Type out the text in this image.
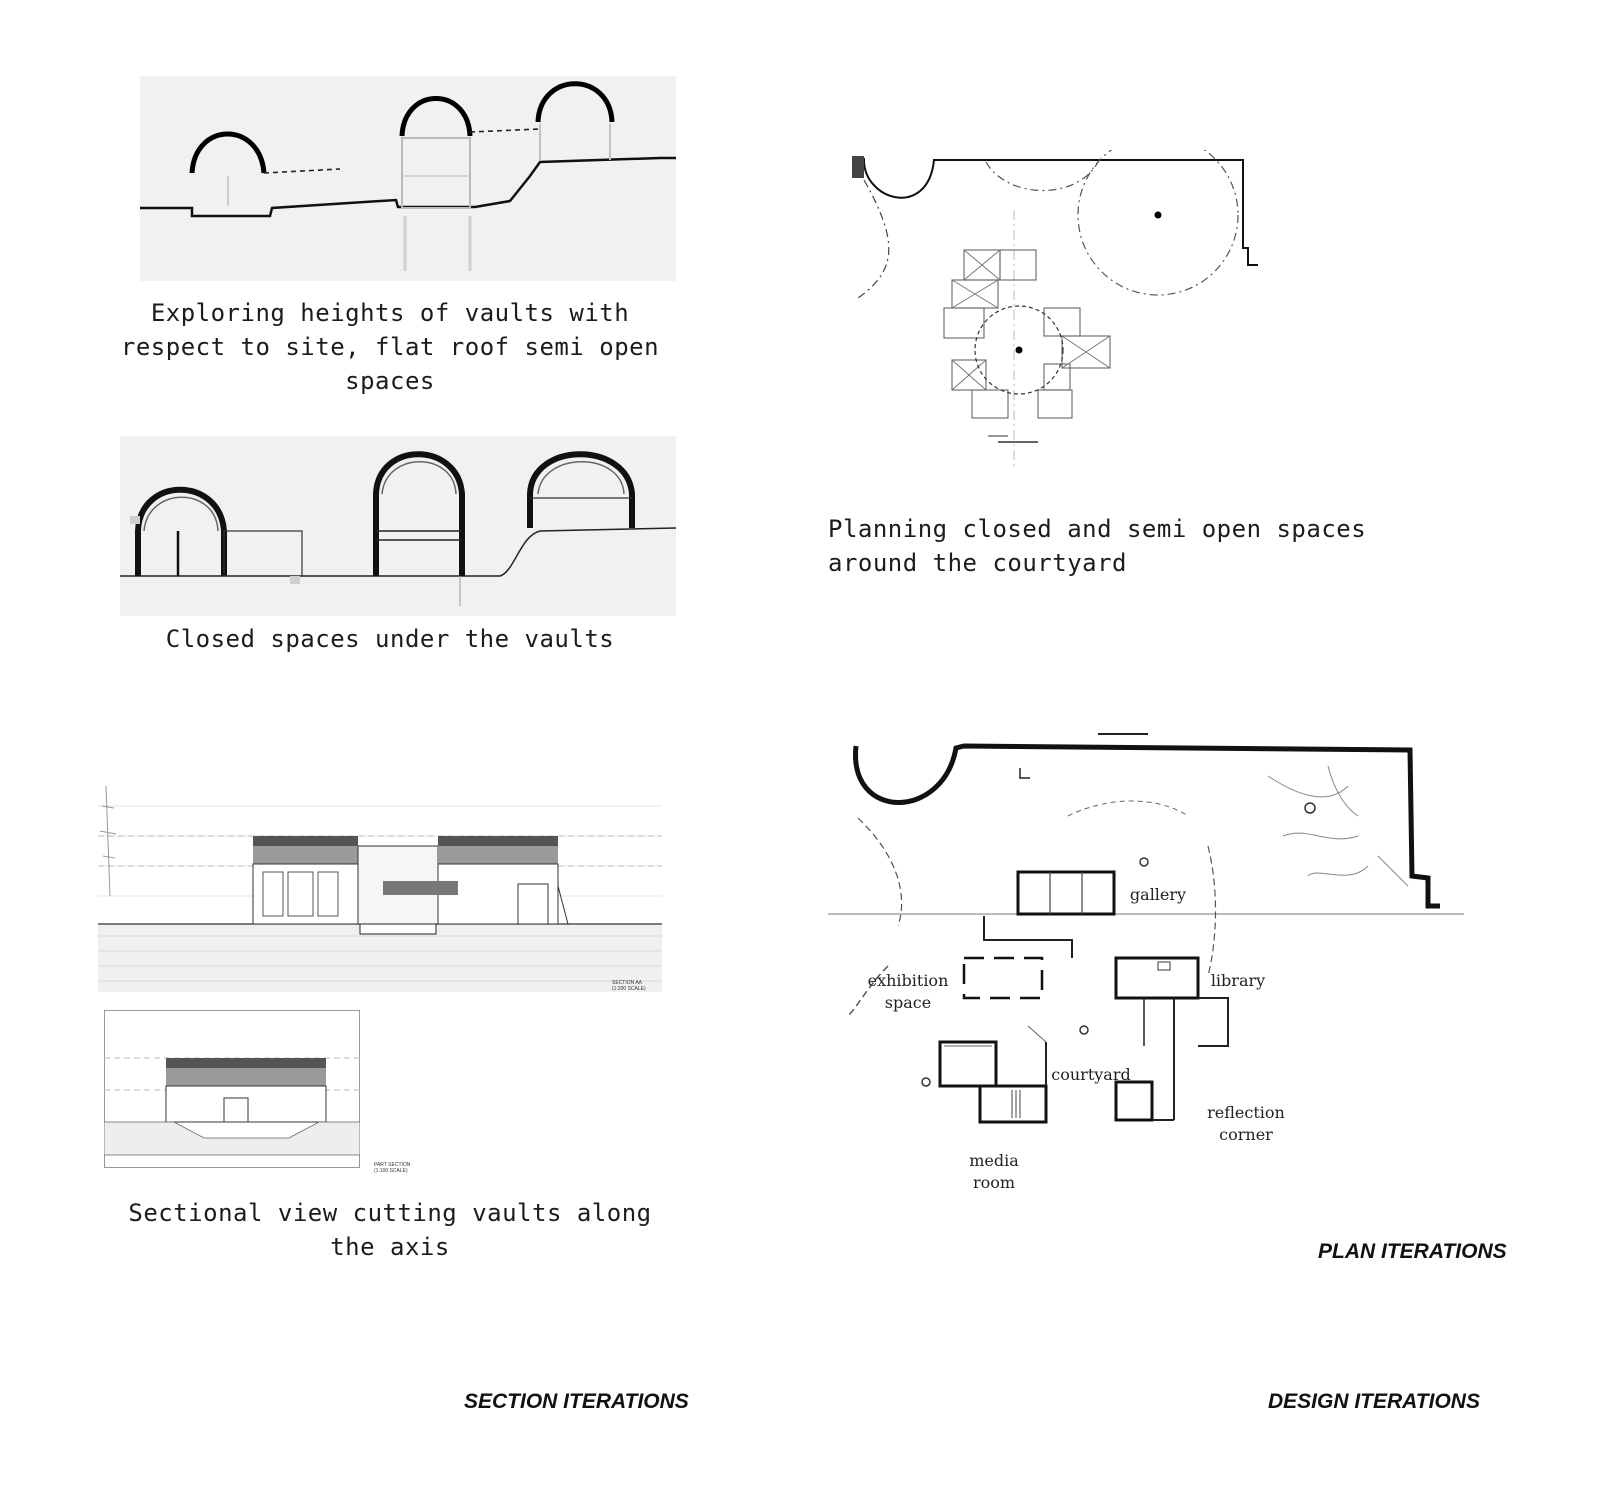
Exploring heights of vaults with respect to site, flat roof semi open spaces
Closed spaces under the vaults
SECTION AA
(1:200 SCALE)
PART SECTION
(1:100 SCALE)
Sectional view cutting vaults along the axis
SECTION ITERATIONS
Planning closed and semi open spaces around the courtyard
gallery
exhibition space
library
courtyard
reflection corner
media room
PLAN ITERATIONS
DESIGN ITERATIONS
